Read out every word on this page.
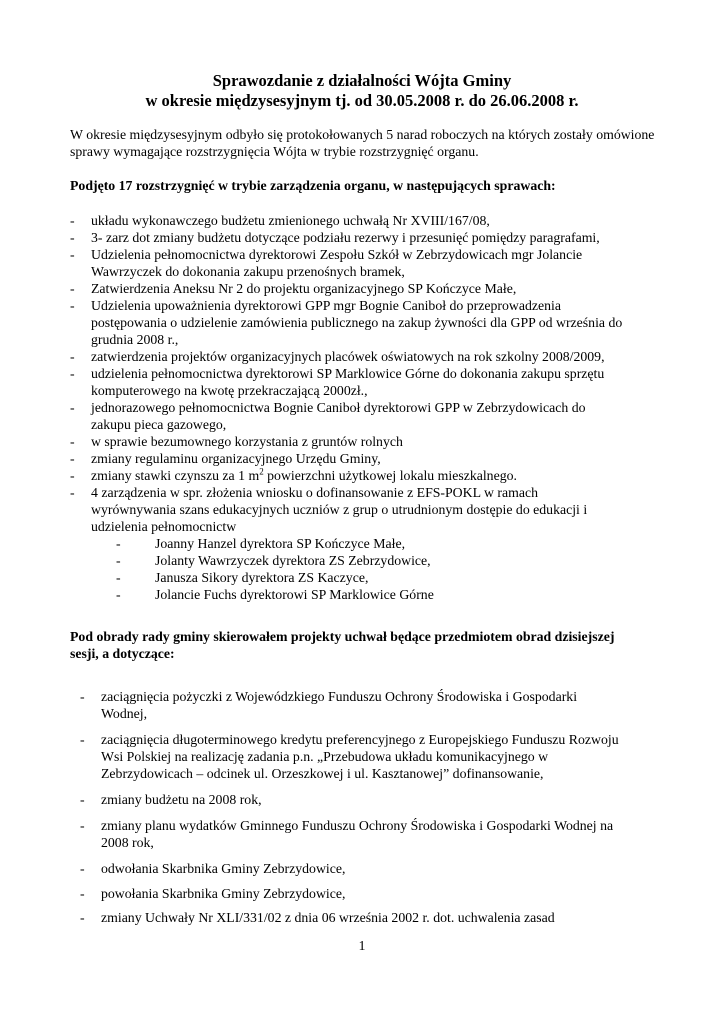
Sprawozdanie z działalności Wójta Gminy
w okresie międzysesyjnym tj. od 30.05.2008 r. do 26.06.2008 r.

W okresie międzysesyjnym odbyło się protokołowanych 5 narad roboczych na których zostały omówione sprawy wymagające rozstrzygnięcia Wójta w trybie rozstrzygnięć organu.

Podjęto 17 rozstrzygnięć w trybie zarządzenia organu, w następujących sprawach:

- układu wykonawczego budżetu zmienionego uchwałą Nr XVIII/167/08,
- 3- zarz dot zmiany budżetu dotyczące podziału rezerwy i przesunięć pomiędzy paragrafami,
- Udzielenia pełnomocnictwa dyrektorowi Zespołu Szkół w Zebrzydowicach mgr Jolancie
Wawrzyczek do dokonania zakupu przenośnych bramek,
- Zatwierdzenia Aneksu Nr 2 do projektu organizacyjnego SP Kończyce Małe,
- Udzielenia upoważnienia dyrektorowi GPP mgr Bognie Caniboł do przeprowadzenia
postępowania o udzielenie zamówienia publicznego na zakup żywności dla GPP od września do
grudnia 2008 r.,
- zatwierdzenia projektów organizacyjnych placówek oświatowych na rok szkolny 2008/2009,
- udzielenia pełnomocnictwa dyrektorowi SP Marklowice Górne do dokonania zakupu sprzętu
komputerowego na kwotę przekraczającą 2000zł.,
- jednorazowego pełnomocnictwa Bognie Caniboł dyrektorowi GPP w Zebrzydowicach do
zakupu pieca gazowego,
- w sprawie bezumownego korzystania z gruntów rolnych
- zmiany regulaminu organizacyjnego Urzędu Gminy,
- zmiany stawki czynszu za 1 $m^2$ powierzchni użytkowej lokalu mieszkalnego.
- 4 zarządzenia w spr. złożenia wniosku o dofinansowanie z EFS-POKL w ramach
wyrównywania szans edukacyjnych uczniów z grup o utrudnionym dostępie do edukacji i
udzielenia pełnomocnictw
- Joanny Hanzel dyrektora SP Kończyce Małe,
- Jolanty Wawrzyczek dyrektora ZS Zebrzydowice,
- Janusza Sikory dyrektora ZS Kaczyce,
- Jolancie Fuchs dyrektorowi SP Marklowice Górne

Pod obrady rady gminy skierowałem projekty uchwał będące przedmiotem obrad dzisiejszej

sesji, a dotyczące:

- zaciągnięcia pożyczki z Wojewódzkiego Funduszu Ochrony Środowiska i Gospodarki
Wodnej,
- zaciągnięcia długoterminowego kredytu preferencyjnego z Europejskiego Funduszu Rozwoju
Wsi Polskiej na realizację zadania p.n. „Przebudowa układu komunikacyjnego w
Zebrzydowicach – odcinek ul. Orzeszkowej i ul. Kasztanowej” dofinansowanie,
- zmiany budżetu na 2008 rok,
- zmiany planu wydatków Gminnego Funduszu Ochrony Środowiska i Gospodarki Wodnej na
2008 rok,
- odwołania Skarbnika Gminy Zebrzydowice,
- powołania Skarbnika Gminy Zebrzydowice,
- zmiany Uchwały Nr XLI/331/02 z dnia 06 września 2002 r. dot. uchwalenia zasad
1
